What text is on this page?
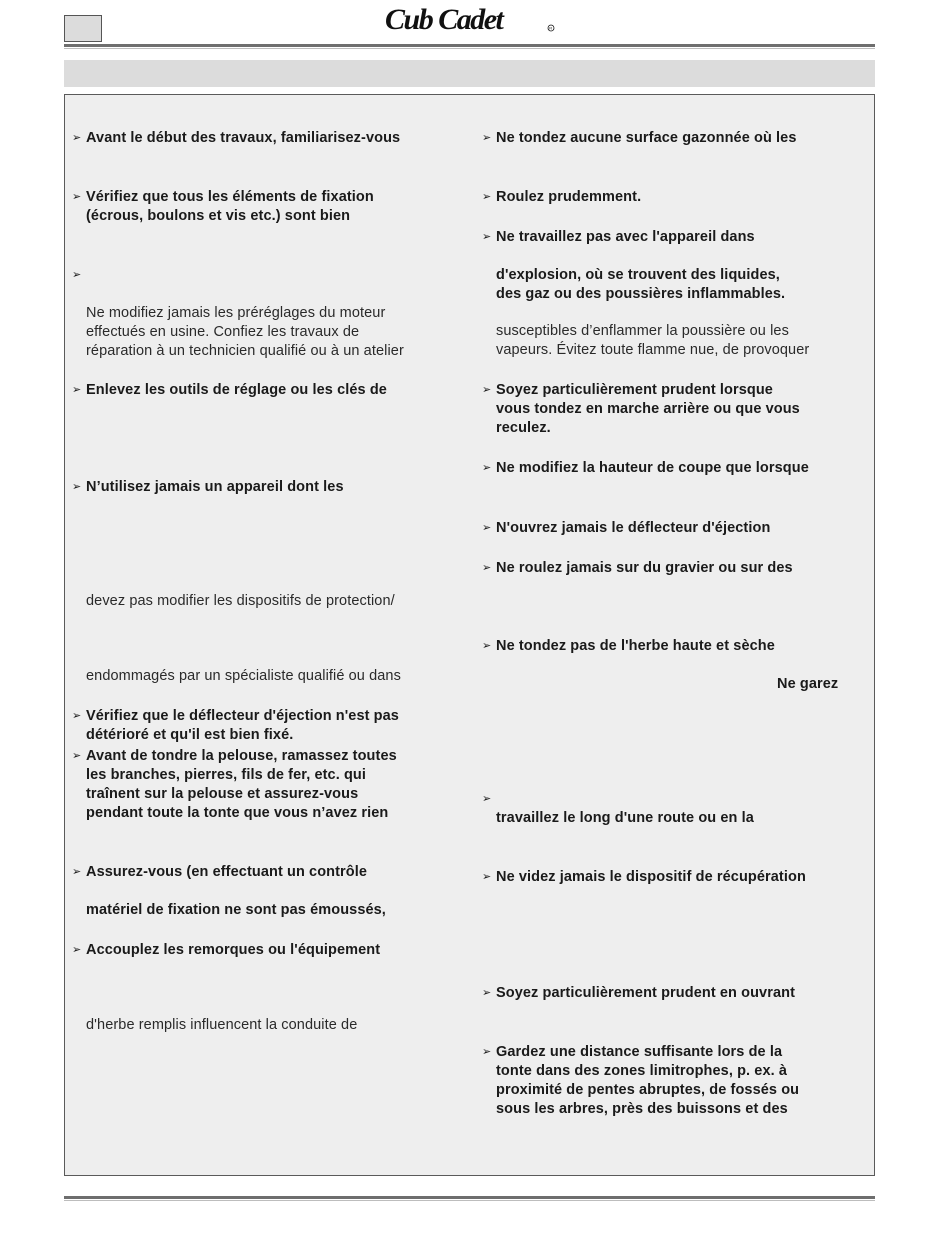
Cub Cadet	R
➢ Avant le début des travaux, familiarisez-vous
➢ Vérifiez que tous les éléments de fixation
(écrous, boulons et vis etc.) sont bien
➢
Ne modifiez jamais les préréglages du moteur
effectués en usine. Confiez les travaux de
réparation à un technicien qualifié ou à un atelier
➢ Enlevez les outils de réglage ou les clés de
➢ N’utilisez jamais un appareil dont les
devez pas modifier les dispositifs de protection/
endommagés par un spécialiste qualifié ou dans
➢ Vérifiez que le déflecteur d'éjection n'est pas
détérioré et qu'il est bien fixé.
➢ Avant de tondre la pelouse, ramassez toutes
les branches, pierres, fils de fer, etc. qui
traînent sur la pelouse et assurez-vous
pendant toute la tonte que vous n’avez rien
➢ Assurez-vous (en effectuant un contrôle
matériel de fixation ne sont pas émoussés,
➢ Accouplez les remorques ou l'équipement
d'herbe remplis influencent la conduite de
➢ Ne tondez aucune surface gazonnée où les
➢ Roulez prudemment.
➢ Ne travaillez pas avec l'appareil dans
d'explosion, où se trouvent des liquides,
des gaz ou des poussières inflammables.
susceptibles d’enflammer la poussière ou les
vapeurs. Évitez toute flamme nue, de provoquer
➢ Soyez particulièrement prudent lorsque
vous tondez en marche arrière ou que vous
reculez.
➢ Ne modifiez la hauteur de coupe que lorsque
➢ N'ouvrez jamais le déflecteur d'éjection
➢ Ne roulez jamais sur du gravier ou sur des
➢ Ne tondez pas de l'herbe haute et sèche
Ne garez
➢
travaillez le long d'une route ou en la
➢ Ne videz jamais le dispositif de récupération
➢ Soyez particulièrement prudent en ouvrant
➢ Gardez une distance suffisante lors de la
tonte dans des zones limitrophes, p. ex. à
proximité de pentes abruptes, de fossés ou
sous les arbres, près des buissons et des
